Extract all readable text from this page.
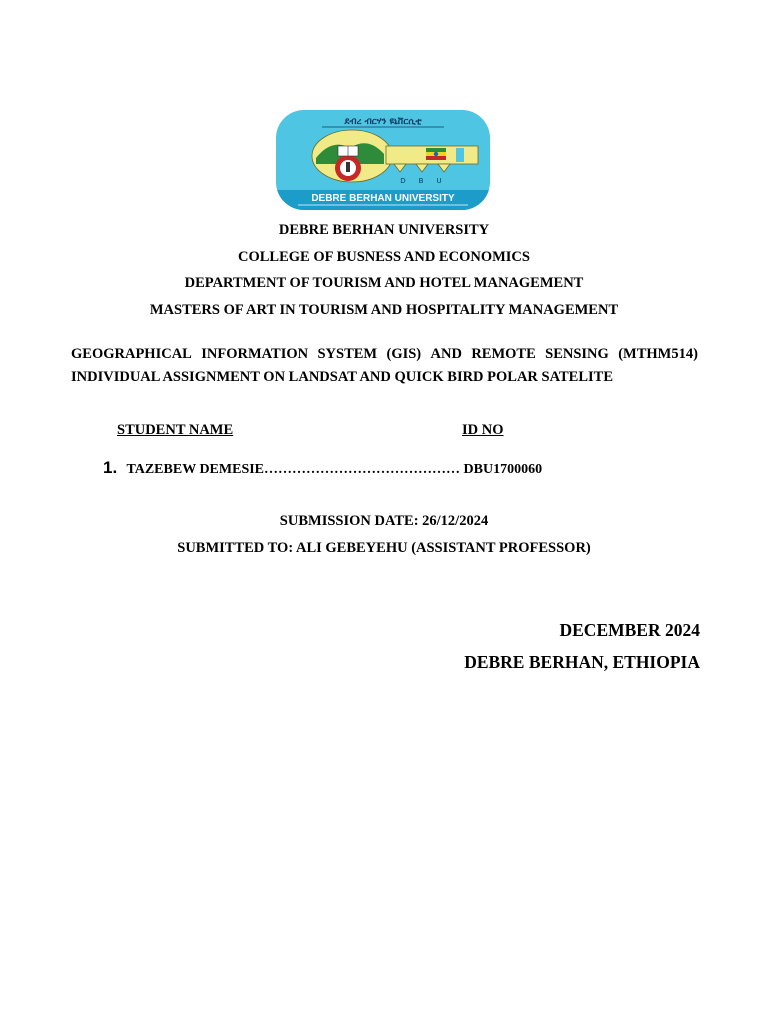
ደብረ ብርሃን ዩኒቨርሲቲ
D B U
DEBRE BERHAN UNIVERSITY
DEBRE BERHAN UNIVERSITY
COLLEGE OF BUSNESS AND ECONOMICS
DEPARTMENT OF TOURISM AND HOTEL MANAGEMENT
MASTERS OF ART IN TOURISM AND HOSPITALITY MANAGEMENT
GEOGRAPHICAL INFORMATION SYSTEM (GIS) AND REMOTE SENSING (MTHM514)
INDIVIDUAL ASSIGNMENT ON LANDSAT AND QUICK BIRD POLAR SATELITE
STUDENT NAME	ID NO
1. TAZEBEW DEMESIE…………………………………… DBU1700060
SUBMISSION DATE: 26/12/2024
SUBMITTED TO: ALI GEBEYEHU (ASSISTANT PROFESSOR)
DECEMBER 2024
DEBRE BERHAN, ETHIOPIA
